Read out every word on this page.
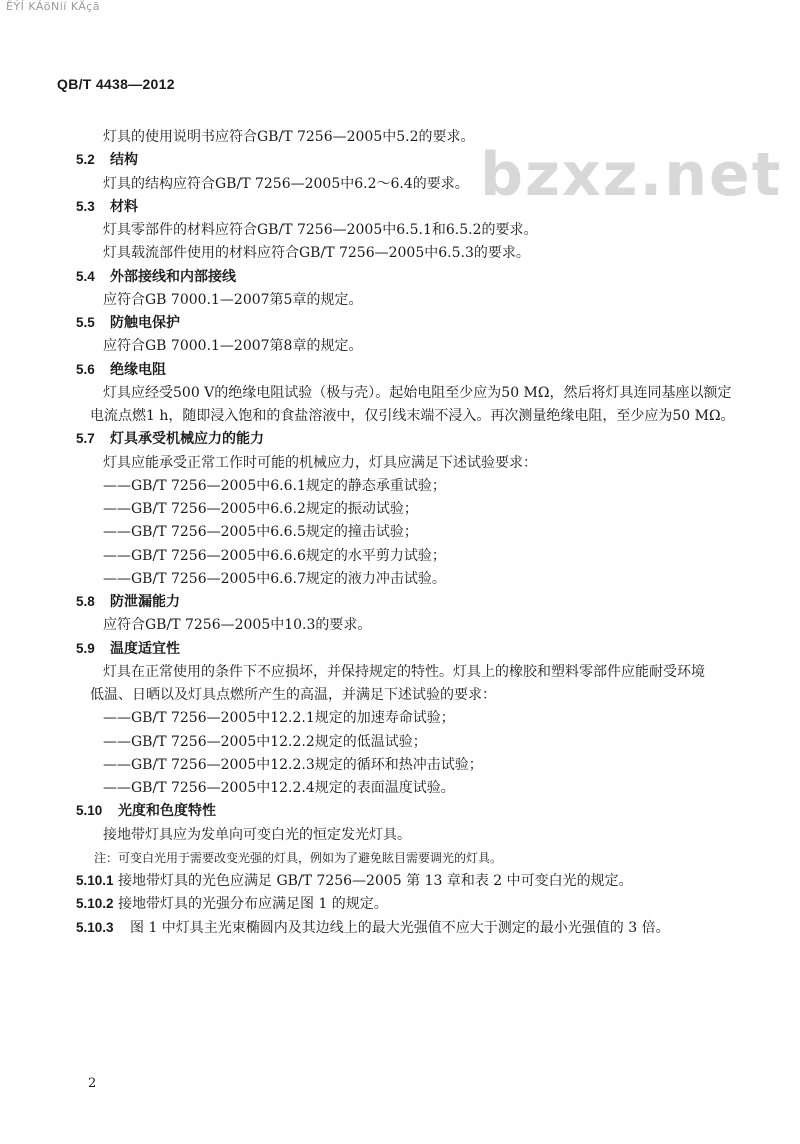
ËÝÍ KÁöNíí KÄçã
QB/T 4438—2012
bzxz.net
灯具的使用说明书应符合GB/T 7256—2005中5.2的要求。
5.2 结构
灯具的结构应符合GB/T 7256—2005中6.2～6.4的要求。
5.3 材料
灯具零部件的材料应符合GB/T 7256—2005中6.5.1和6.5.2的要求。
灯具载流部件使用的材料应符合GB/T 7256—2005中6.5.3的要求。
5.4 外部接线和内部接线
应符合GB 7000.1—2007第5章的规定。
5.5 防触电保护
应符合GB 7000.1—2007第8章的规定。
5.6 绝缘电阻
灯具应经受500 V的绝缘电阻试验（极与壳）。起始电阻至少应为50 MΩ，然后将灯具连同基座以额定
电流点燃1 h，随即浸入饱和的食盐溶液中，仅引线末端不浸入。再次测量绝缘电阻，至少应为50 MΩ。
5.7 灯具承受机械应力的能力
灯具应能承受正常工作时可能的机械应力，灯具应满足下述试验要求：
——GB/T 7256—2005中6.6.1规定的静态承重试验；
——GB/T 7256—2005中6.6.2规定的振动试验；
——GB/T 7256—2005中6.6.5规定的撞击试验；
——GB/T 7256—2005中6.6.6规定的水平剪力试验；
——GB/T 7256—2005中6.6.7规定的液力冲击试验。
5.8 防泄漏能力
应符合GB/T 7256—2005中10.3的要求。
5.9 温度适宜性
灯具在正常使用的条件下不应损坏，并保持规定的特性。灯具上的橡胶和塑料零部件应能耐受环境
低温、日晒以及灯具点燃所产生的高温，并满足下述试验的要求：
——GB/T 7256—2005中12.2.1规定的加速寿命试验；
——GB/T 7256—2005中12.2.2规定的低温试验；
——GB/T 7256—2005中12.2.3规定的循环和热冲击试验；
——GB/T 7256—2005中12.2.4规定的表面温度试验。
5.10 光度和色度特性
接地带灯具应为发单向可变白光的恒定发光灯具。
注：可变白光用于需要改变光强的灯具，例如为了避免眩目需要调光的灯具。
5.10.1 接地带灯具的光色应满足 GB/T 7256—2005 第 13 章和表 2 中可变白光的规定。
5.10.2 接地带灯具的光强分布应满足图 1 的规定。
5.10.3 图 1 中灯具主光束椭圆内及其边线上的最大光强值不应大于测定的最小光强值的 3 倍。
2
